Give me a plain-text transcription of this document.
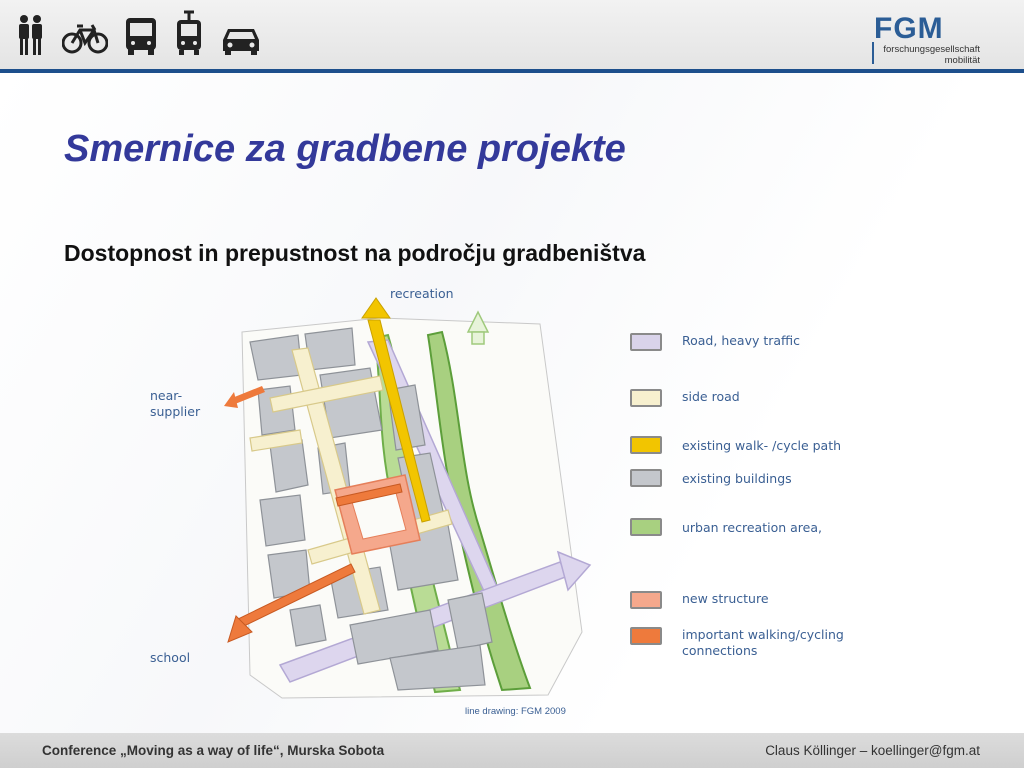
FGM
forschungsgesellschaft
mobilität
Smernice za gradbene projekte
Dostopnost in prepustnost na področju gradbeništva
recreation
near-
supplier
school
line drawing: FGM 2009
Road, heavy traffic
side road
existing walk- /cycle path
existing buildings
urban recreation area,
new structure
important walking/cycling connections
Conference „Moving as a way of life“, Murska Sobota	Claus Köllinger – koellinger@fgm.at
